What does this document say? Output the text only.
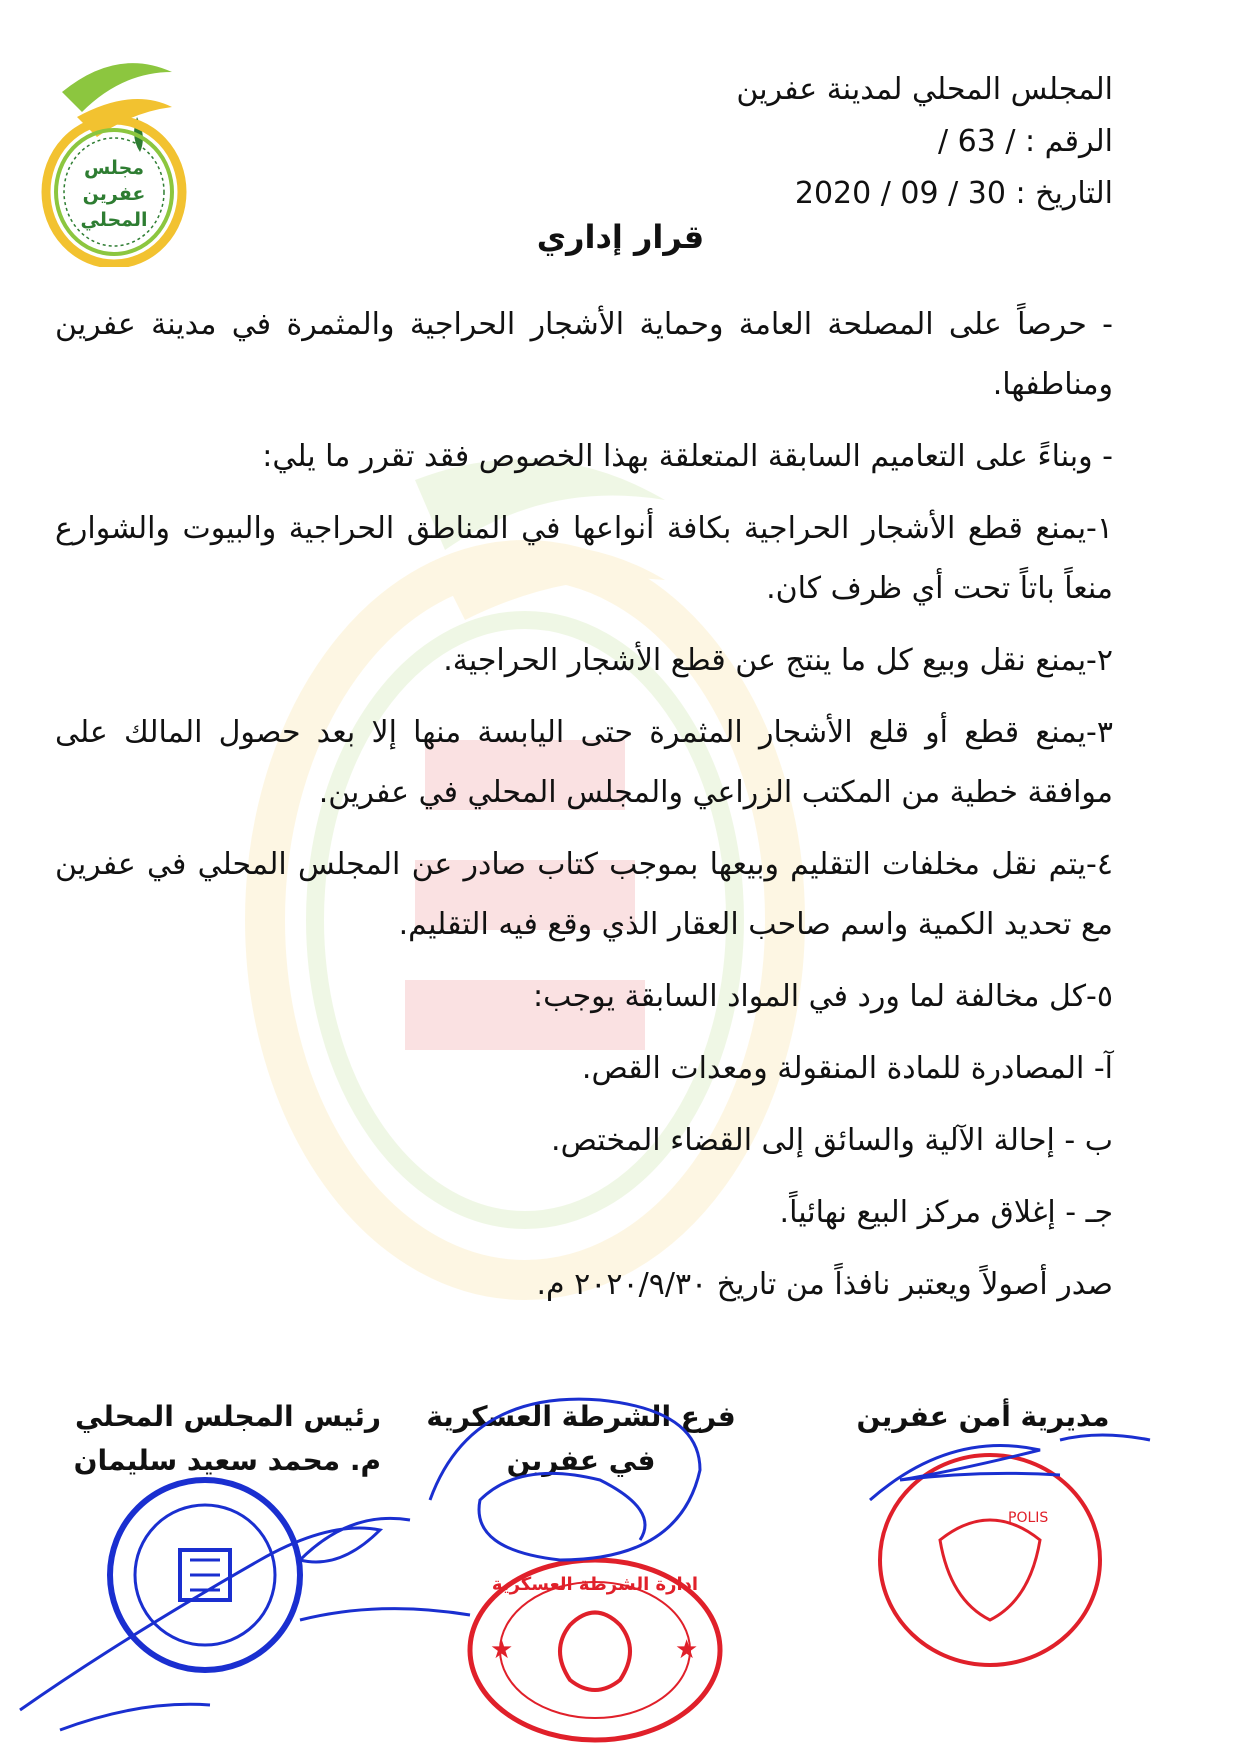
مجلس
عفرين
المحلي
المجلس المحلي لمدينة عفرين
الرقم : / 63 /
التاريخ : 2020 / 09 / 30
قرار إداري

- حرصاً على المصلحة العامة وحماية الأشجار الحراجية والمثمرة في مدينة عفرين ومناطفها.

- وبناءً على التعاميم السابقة المتعلقة بهذا الخصوص فقد تقرر ما يلي:

١-يمنع قطع الأشجار الحراجية بكافة أنواعها في المناطق الحراجية والبيوت والشوارع منعاً باتاً تحت أي ظرف كان.

٢-يمنع نقل وبيع كل ما ينتج عن قطع الأشجار الحراجية.

٣-يمنع قطع أو قلع الأشجار المثمرة حتى اليابسة منها إلا بعد حصول المالك على موافقة خطية من المكتب الزراعي والمجلس المحلي في عفرين.

٤-يتم نقل مخلفات التقليم وبيعها بموجب كتاب صادر عن المجلس المحلي في عفرين مع تحديد الكمية واسم صاحب العقار الذي وقع فيه التقليم.

٥-كل مخالفة لما ورد في المواد السابقة يوجب:

آ- المصادرة للمادة المنقولة ومعدات القص.

ب - إحالة الآلية والسائق إلى القضاء المختص.

جـ - إغلاق مركز البيع نهائياً.

صدر أصولاً ويعتبر نافذاً من تاريخ ٢٠٢٠/٩/٣٠ م.

مديرية أمن عفرين
فرع الشرطة العسكرية
في عفرين
رئيس المجلس المحلي
م. محمد سعيد سليمان
★	★
ادارة الشرطة العسكرية
POLIS
